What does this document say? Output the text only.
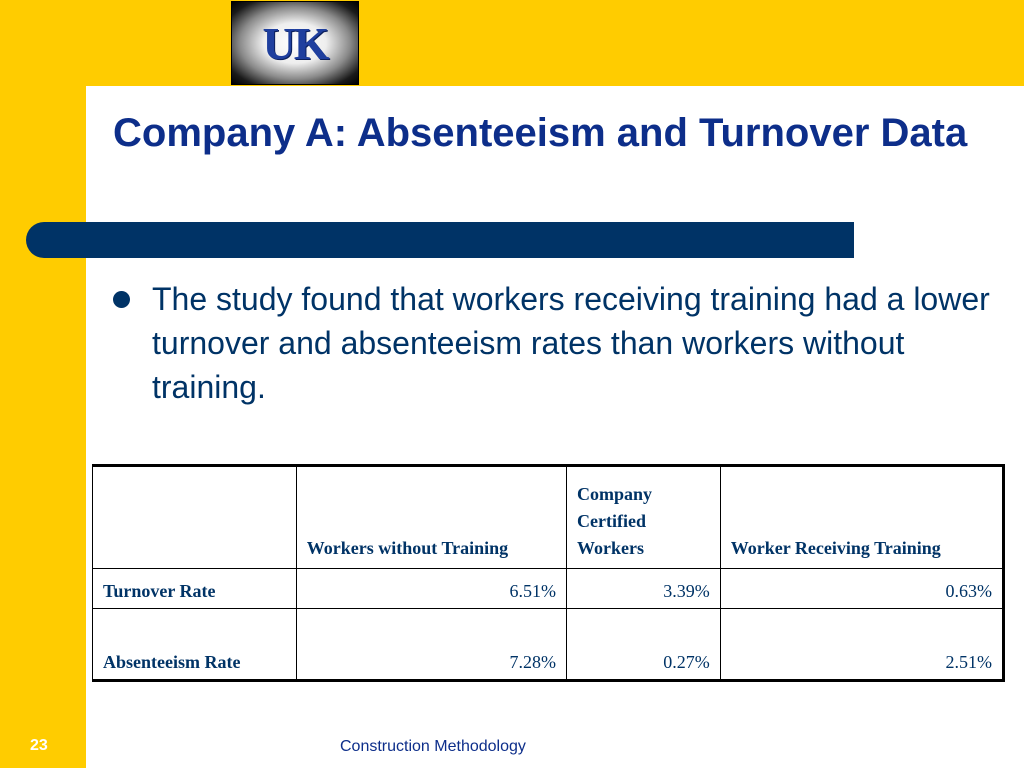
UK
Company A: Absenteeism and Turnover Data
The study found that workers receiving training had a lower turnover and absenteeism rates than workers without training.
	Workers without Training	Company Certified Workers	Worker Receiving Training
Turnover Rate	6.51%	3.39%	0.63%
Absenteeism Rate	7.28%	0.27%	2.51%
23	Construction Methodology
